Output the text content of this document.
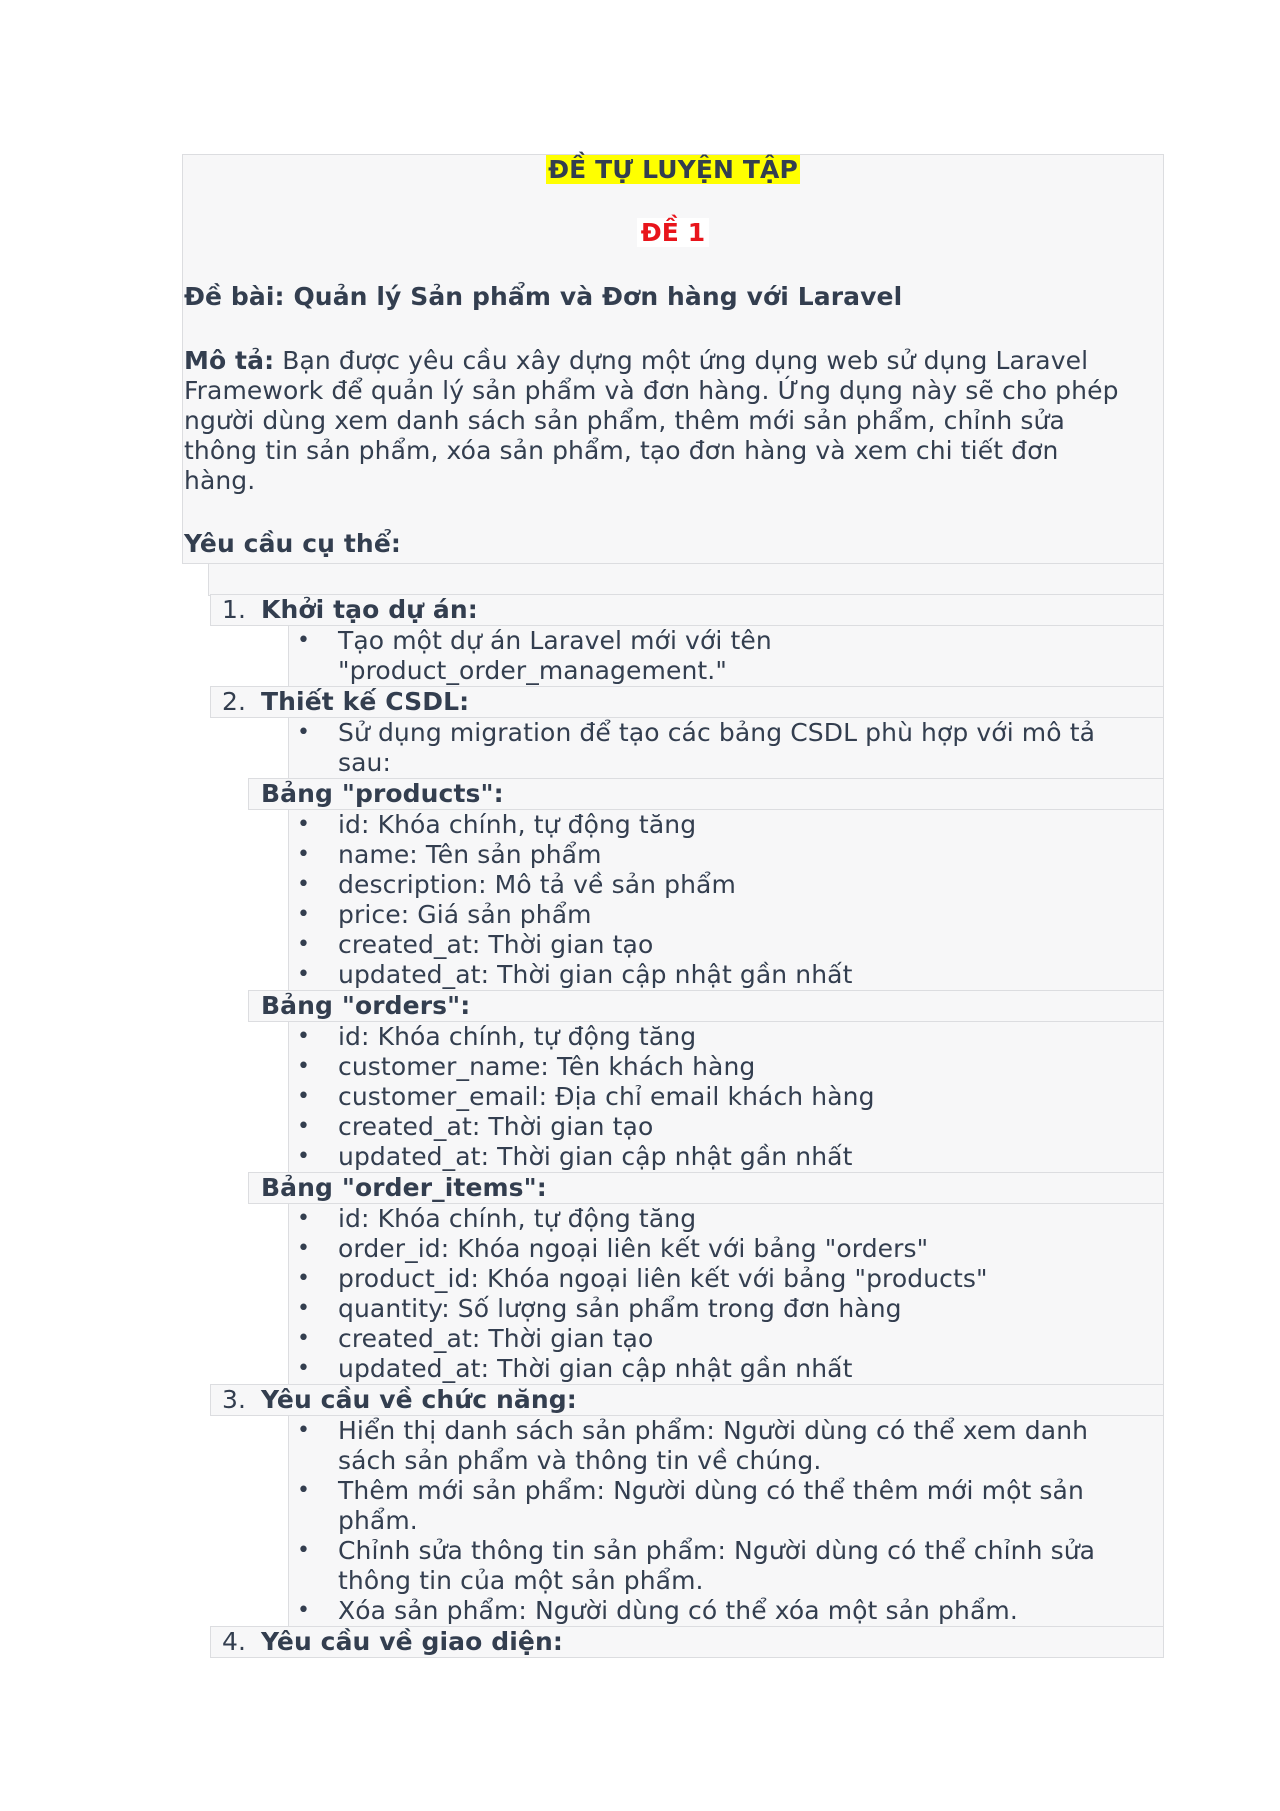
ĐỀ TỰ LUYỆN TẬP
ĐỀ 1
Đề bài: Quản lý Sản phẩm và Đơn hàng với Laravel
Mô tả: Bạn được yêu cầu xây dựng một ứng dụng web sử dụng Laravel
Framework để quản lý sản phẩm và đơn hàng. Ứng dụng này sẽ cho phép
người dùng xem danh sách sản phẩm, thêm mới sản phẩm, chỉnh sửa
thông tin sản phẩm, xóa sản phẩm, tạo đơn hàng và xem chi tiết đơn
hàng.
Yêu cầu cụ thể:
1. Khởi tạo dự án:
• Tạo một dự án Laravel mới với tên
"product_order_management."
2. Thiết kế CSDL:
• Sử dụng migration để tạo các bảng CSDL phù hợp với mô tả
sau:
Bảng "products":
• id: Khóa chính, tự động tăng
• name: Tên sản phẩm
• description: Mô tả về sản phẩm
• price: Giá sản phẩm
• created_at: Thời gian tạo
• updated_at: Thời gian cập nhật gần nhất
Bảng "orders":
• id: Khóa chính, tự động tăng
• customer_name: Tên khách hàng
• customer_email: Địa chỉ email khách hàng
• created_at: Thời gian tạo
• updated_at: Thời gian cập nhật gần nhất
Bảng "order_items":
• id: Khóa chính, tự động tăng
• order_id: Khóa ngoại liên kết với bảng "orders"
• product_id: Khóa ngoại liên kết với bảng "products"
• quantity: Số lượng sản phẩm trong đơn hàng
• created_at: Thời gian tạo
• updated_at: Thời gian cập nhật gần nhất
3. Yêu cầu về chức năng:
• Hiển thị danh sách sản phẩm: Người dùng có thể xem danh
sách sản phẩm và thông tin về chúng.
• Thêm mới sản phẩm: Người dùng có thể thêm mới một sản
phẩm.
• Chỉnh sửa thông tin sản phẩm: Người dùng có thể chỉnh sửa
thông tin của một sản phẩm.
• Xóa sản phẩm: Người dùng có thể xóa một sản phẩm.
4. Yêu cầu về giao diện:
